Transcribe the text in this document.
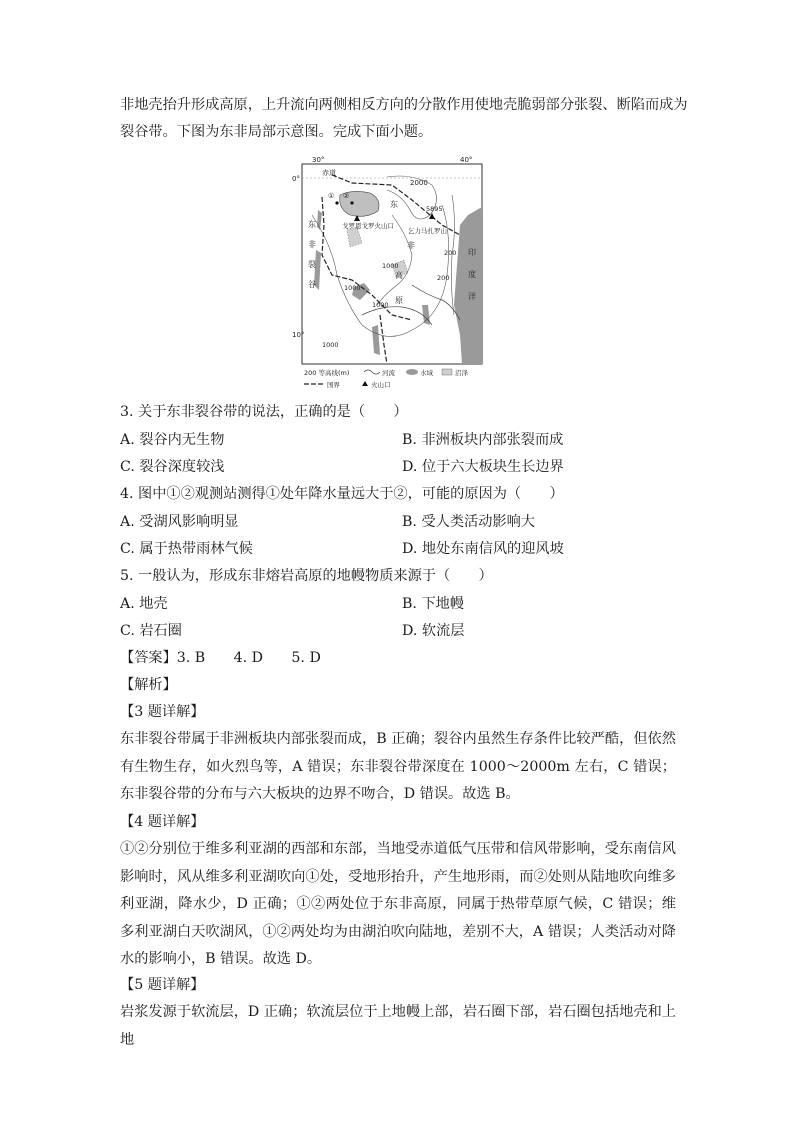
非地壳抬升形成高原，上升流向两侧相反方向的分散作用使地壳脆弱部分张裂、断陷而成为
裂谷带。下图为东非局部示意图。完成下面小题。
30°	40°
0°
10°
赤道
2000
① ②
东	5895
戈罗恩戈罗火山口
乞力马扎罗山
东
非
裂
谷
非
高
原
1000
1000
1000
1000
200
200
印
度
洋
200 等高线(m)	河流	水域	沼泽
国界	火山口
3. 关于东非裂谷带的说法，正确的是（　　）
A. 裂谷内无生物	B. 非洲板块内部张裂而成
C. 裂谷深度较浅	D. 位于六大板块生长边界
4. 图中①②观测站测得①处年降水量远大于②，可能的原因为（　　）
A. 受湖风影响明显	B. 受人类活动影响大
C. 属于热带雨林气候	D. 地处东南信风的迎风坡
5. 一般认为，形成东非熔岩高原的地幔物质来源于（　　）
A. 地壳	B. 下地幔
C. 岩石圈	D. 软流层
【答案】3. B　　4. D　　5. D
【解析】
【3 题详解】
东非裂谷带属于非洲板块内部张裂而成，B 正确；裂谷内虽然生存条件比较严酷，但依然有生物生存，如火烈鸟等，A 错误；东非裂谷带深度在 1000～2000m 左右，C 错误；东非裂谷带的分布与六大板块的边界不吻合，D 错误。故选 B。
【4 题详解】
①②分别位于维多利亚湖的西部和东部，当地受赤道低气压带和信风带影响，受东南信风影响时，风从维多利亚湖吹向①处，受地形抬升，产生地形雨，而②处则从陆地吹向维多利亚湖，降水少，D 正确；①②两处位于东非高原，同属于热带草原气候，C 错误；维多利亚湖白天吹湖风，①②两处均为由湖泊吹向陆地，差别不大，A 错误；人类活动对降水的影响小，B 错误。故选 D。
【5 题详解】
岩浆发源于软流层，D 正确；软流层位于上地幔上部，岩石圈下部，岩石圈包括地壳和上地
